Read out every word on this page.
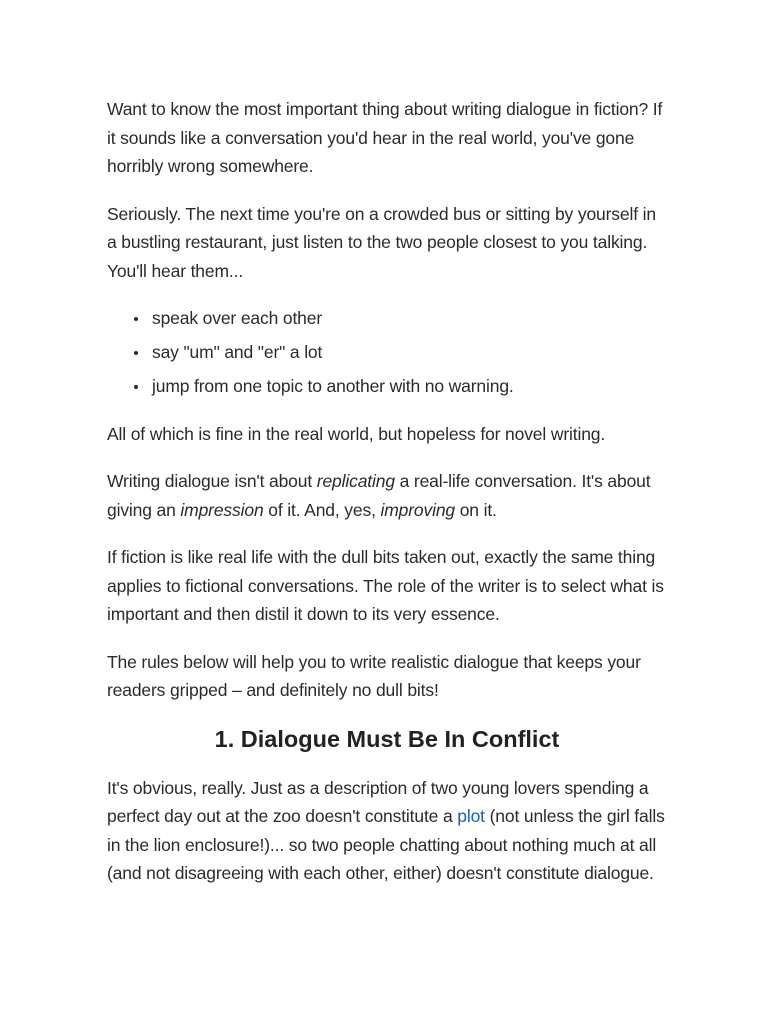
Want to know the most important thing about writing dialogue in fiction? If it sounds like a conversation you'd hear in the real world, you've gone horribly wrong somewhere.

Seriously. The next time you're on a crowded bus or sitting by yourself in a bustling restaurant, just listen to the two people closest to you talking. You'll hear them...

speak over each other
say "um" and "er" a lot
jump from one topic to another with no warning.

All of which is fine in the real world, but hopeless for novel writing.

Writing dialogue isn't about replicating a real-life conversation. It's about giving an impression of it. And, yes, improving on it.

If fiction is like real life with the dull bits taken out, exactly the same thing applies to fictional conversations. The role of the writer is to select what is important and then distil it down to its very essence.

The rules below will help you to write realistic dialogue that keeps your readers gripped – and definitely no dull bits!

1. Dialogue Must Be In Conflict

It's obvious, really. Just as a description of two young lovers spending a perfect day out at the zoo doesn't constitute a plot (not unless the girl falls in the lion enclosure!)... so two people chatting about nothing much at all (and not disagreeing with each other, either) doesn't constitute dialogue.
